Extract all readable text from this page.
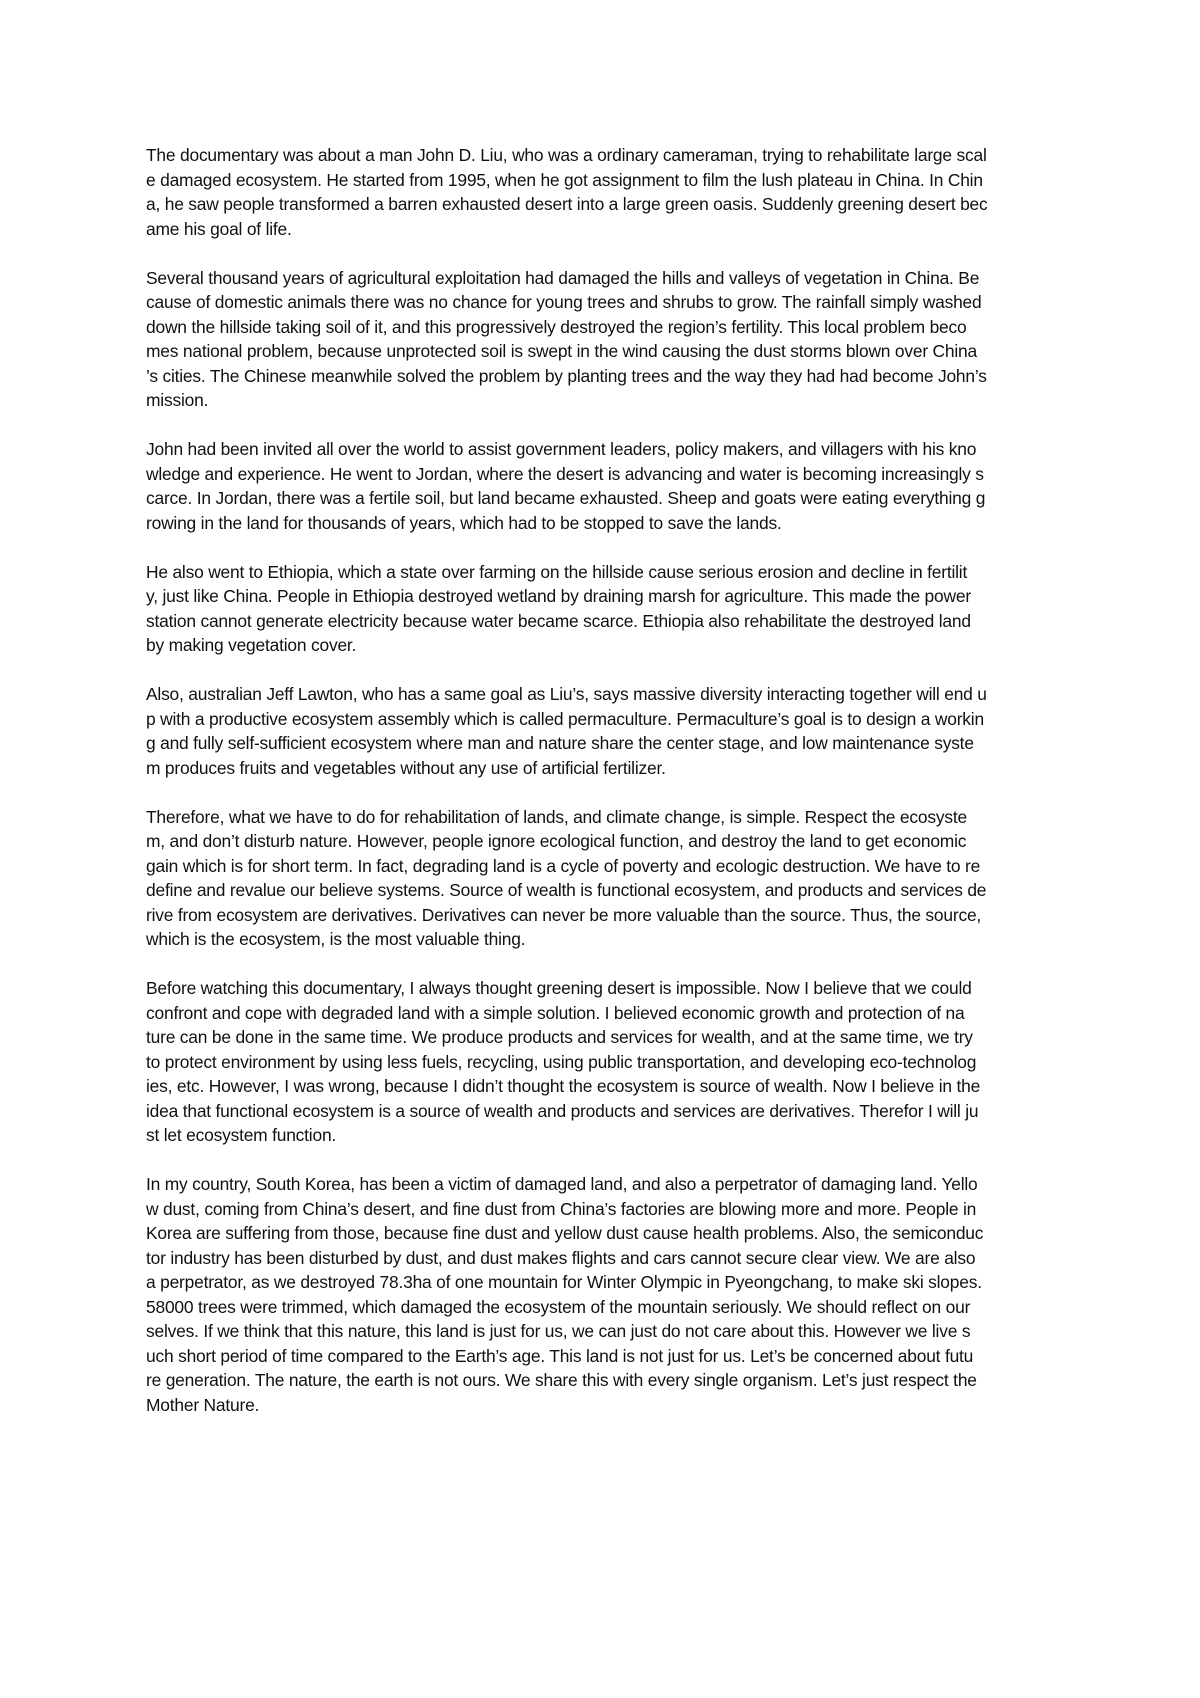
The documentary was about a man John D. Liu, who was a ordinary cameraman, trying to rehabilitate large scal
e damaged ecosystem. He started from 1995, when he got assignment to film the lush plateau in China. In Chin
a, he saw people transformed a barren exhausted desert into a large green oasis. Suddenly greening desert bec
ame his goal of life.
Several thousand years of agricultural exploitation had damaged the hills and valleys of vegetation in China. Be
cause of domestic animals there was no chance for young trees and shrubs to grow. The rainfall simply washed
down the hillside taking soil of it, and this progressively destroyed the region’s fertility. This local problem beco
mes national problem, because unprotected soil is swept in the wind causing the dust storms blown over China
’s cities. The Chinese meanwhile solved the problem by planting trees and the way they had had become John’s
mission.
John had been invited all over the world to assist government leaders, policy makers, and villagers with his kno
wledge and experience. He went to Jordan, where the desert is advancing and water is becoming increasingly s
carce. In Jordan, there was a fertile soil, but land became exhausted. Sheep and goats were eating everything g
rowing in the land for thousands of years, which had to be stopped to save the lands.
He also went to Ethiopia, which a state over farming on the hillside cause serious erosion and decline in fertilit
y, just like China. People in Ethiopia destroyed wetland by draining marsh for agriculture. This made the power
station cannot generate electricity because water became scarce. Ethiopia also rehabilitate the destroyed land
by making vegetation cover.
Also, australian Jeff Lawton, who has a same goal as Liu’s, says massive diversity interacting together will end u
p with a productive ecosystem assembly which is called permaculture. Permaculture’s goal is to design a workin
g and fully self-sufficient ecosystem where man and nature share the center stage, and low maintenance syste
m produces fruits and vegetables without any use of artificial fertilizer.
Therefore, what we have to do for rehabilitation of lands, and climate change, is simple. Respect the ecosyste
m, and don’t disturb nature. However, people ignore ecological function, and destroy the land to get economic
gain which is for short term. In fact, degrading land is a cycle of poverty and ecologic destruction. We have to re
define and revalue our believe systems. Source of wealth is functional ecosystem, and products and services de
rive from ecosystem are derivatives. Derivatives can never be more valuable than the source. Thus, the source,
which is the ecosystem, is the most valuable thing.
Before watching this documentary, I always thought greening desert is impossible. Now I believe that we could
confront and cope with degraded land with a simple solution. I believed economic growth and protection of na
ture can be done in the same time. We produce products and services for wealth, and at the same time, we try
to protect environment by using less fuels, recycling, using public transportation, and developing eco-technolog
ies, etc. However, I was wrong, because I didn’t thought the ecosystem is source of wealth. Now I believe in the
idea that functional ecosystem is a source of wealth and products and services are derivatives. Therefor I will ju
st let ecosystem function.
In my country, South Korea, has been a victim of damaged land, and also a perpetrator of damaging land. Yello
w dust, coming from China’s desert, and fine dust from China’s factories are blowing more and more. People in
Korea are suffering from those, because fine dust and yellow dust cause health problems. Also, the semiconduc
tor industry has been disturbed by dust, and dust makes flights and cars cannot secure clear view. We are also
a perpetrator, as we destroyed 78.3ha of one mountain for Winter Olympic in Pyeongchang, to make ski slopes.
58000 trees were trimmed, which damaged the ecosystem of the mountain seriously. We should reflect on our
selves. If we think that this nature, this land is just for us, we can just do not care about this. However we live s
uch short period of time compared to the Earth’s age. This land is not just for us. Let’s be concerned about futu
re generation. The nature, the earth is not ours. We share this with every single organism. Let’s just respect the
Mother Nature.
